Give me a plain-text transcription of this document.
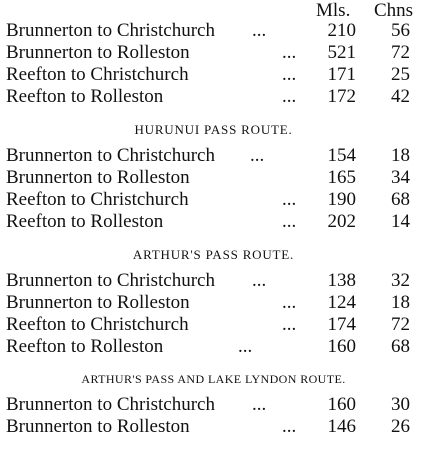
Mls. Chns
Brunnerton to Christchurch ...	210	56
Brunnerton to Rolleston	...	521	72
Reefton to Christchurch	...	171	25
Reefton to Rolleston	...	172	42
HURUNUI PASS ROUTE.
Brunnerton to Christchurch ...	154	18
Brunnerton to Rolleston	165	34
Reefton to Christchurch	...	190	68
Reefton to Rolleston	...	202	14
ARTHUR'S PASS ROUTE.
Brunnerton to Christchurch ...	138	32
Brunnerton to Rolleston	...	124	18
Reefton to Christchurch	...	174	72
Reefton to Rolleston	...	160	68
ARTHUR'S PASS AND LAKE LYNDON ROUTE.
Brunnerton to Christchurch ...	160	30
Brunnerton to Rolleston	...	146	26
